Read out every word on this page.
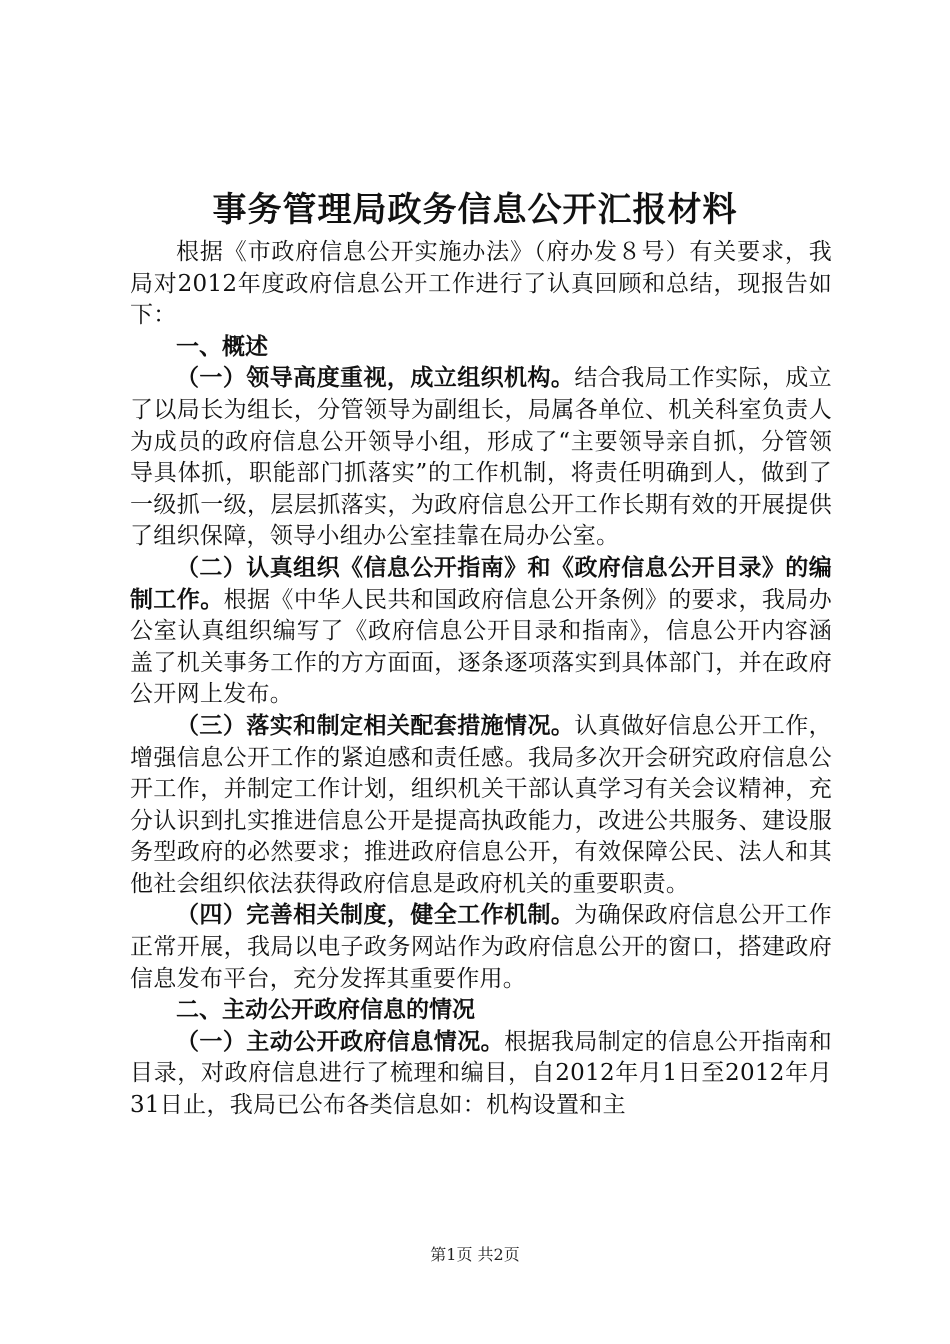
事务管理局政务信息公开汇报材料

根据《市政府信息公开实施办法》（府办发８号）有关要求，我局对2012年度政府信息公开工作进行了认真回顾和总结，现报告如下：

一、概述

（一）领导高度重视，成立组织机构。结合我局工作实际，成立了以局长为组长，分管领导为副组长，局属各单位、机关科室负责人为成员的政府信息公开领导小组，形成了“主要领导亲自抓，分管领导具体抓，职能部门抓落实”的工作机制，将责任明确到人，做到了一级抓一级，层层抓落实，为政府信息公开工作长期有效的开展提供了组织保障，领导小组办公室挂靠在局办公室。

（二）认真组织《信息公开指南》和《政府信息公开目录》的编制工作。根据《中华人民共和国政府信息公开条例》的要求，我局办公室认真组织编写了《政府信息公开目录和指南》，信息公开内容涵盖了机关事务工作的方方面面，逐条逐项落实到具体部门，并在政府公开网上发布。

（三）落实和制定相关配套措施情况。认真做好信息公开工作，增强信息公开工作的紧迫感和责任感。我局多次开会研究政府信息公开工作，并制定工作计划，组织机关干部认真学习有关会议精神，充分认识到扎实推进信息公开是提高执政能力，改进公共服务、建设服务型政府的必然要求；推进政府信息公开，有效保障公民、法人和其他社会组织依法获得政府信息是政府机关的重要职责。

（四）完善相关制度，健全工作机制。为确保政府信息公开工作正常开展，我局以电子政务网站作为政府信息公开的窗口，搭建政府信息发布平台，充分发挥其重要作用。

二、主动公开政府信息的情况

（一）主动公开政府信息情况。根据我局制定的信息公开指南和目录，对政府信息进行了梳理和编目，自2012年月1日至2012年月31日止，我局已公布各类信息如：机构设置和主

第1页 共2页
